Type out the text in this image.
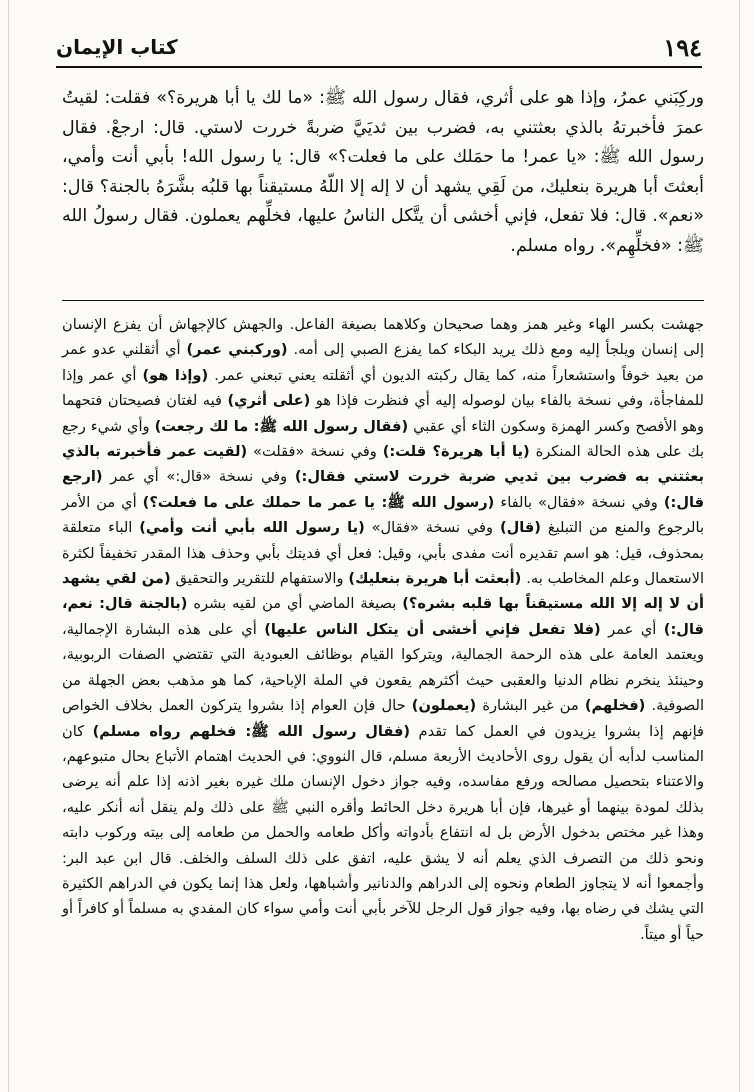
١٩٤
كتاب الإيمان

وركِبَني عمرُ، وإذا هو على أثري، فقال رسول الله ﷺ: «ما لك يا أبا هريرة؟» فقلت: لقيتُ عمرَ فأخبرتهُ بالذي بعثتني به، فضرب بين ثديَيَّ ضربةً خررت لاستي. قال: ارجعْ. فقال رسول الله ﷺ: «يا عمر! ما حمَلك على ما فعلت؟» قال: يا رسول الله! بأبي أنت وأمي، أبعثتَ أبا هريرة بنعليك، من لَقِي يشهد أن لا إله إلا اللّهُ مستيقناً بها قلبُه بشَّرَهُ بالجنة؟ قال: «نعم». قال: فلا تفعل، فإني أخشى أن يتَّكل الناسُ عليها، فخلِّهم يعملون. فقال رسولُ الله ﷺ: «فخلِّهِم». رواه مسلم.

جهشت بكسر الهاء وغير همز وهما صحيحان وكلاهما بصيغة الفاعل. والجهش كالإجهاش أن يفزع الإنسان إلى إنسان ويلجأ إليه ومع ذلك يريد البكاء كما يفزع الصبي إلى أمه. (وركبني عمر) أي أثقلني عدو عمر من بعيد خوفاً واستشعاراً منه، كما يقال ركبته الديون أي أثقلته يعني تبعني عمر. (وإذا هو) أي عمر وإذا للمفاجأة، وفي نسخة بالفاء بيان لوصوله إليه أي فنظرت فإذا هو (على أثري) فيه لغتان فصيحتان فتحهما وهو الأفصح وكسر الهمزة وسكون الثاء أي عقبي (فقال رسول الله ﷺ: ما لك رجعت) وأي شيء رجع بك على هذه الحالة المنكرة (يا أبا هريرة؟ قلت:) وفي نسخة «فقلت» (لقيت عمر فأخبرته بالذي بعثتني به فضرب بين ثديي ضربة خررت لاستي فقال:) وفي نسخة «قال:» أي عمر (ارجع قال:) وفي نسخة «فقال» بالفاء (رسول الله ﷺ: يا عمر ما حملك على ما فعلت؟) أي من الأمر بالرجوع والمنع من التبليغ (قال) وفي نسخة «فقال» (يا رسول الله بأبي أنت وأمي) الباء متعلقة بمحذوف، قيل: هو اسم تقديره أنت مفدى بأبي، وقيل: فعل أي فديتك بأبي وحذف هذا المقدر تخفيفاً لكثرة الاستعمال وعلم المخاطب به. (أبعثت أبا هريرة بنعليك) والاستفهام للتقرير والتحقيق (من لقي يشهد أن لا إله إلا الله مستيقناً بها قلبه بشره؟) بصيغة الماضي أي من لقيه بشره (بالجنة قال: نعم، قال:) أي عمر (فلا تفعل فإني أخشى أن يتكل الناس عليها) أي على هذه البشارة الإجمالية، ويعتمد العامة على هذه الرحمة الجمالية، ويتركوا القيام بوظائف العبودية التي تقتضي الصفات الربوبية، وحينئذ ينخرم نظام الدنيا والعقبى حيث أكثرهم يقعون في الملة الإباحية، كما هو مذهب بعض الجهلة من الصوفية. (فخلهم) من غير البشارة (يعملون) حال فإن العوام إذا بشروا يتركون العمل بخلاف الخواص فإنهم إذا بشروا يزيدون في العمل كما تقدم (فقال رسول الله ﷺ: فخلهم رواه مسلم) كان المناسب لدأبه أن يقول روى الأحاديث الأربعة مسلم، قال النووي: في الحديث اهتمام الأتباع بحال متبوعهم، والاعتناء بتحصيل مصالحه ورفع مفاسده، وفيه جواز دخول الإنسان ملك غيره بغير اذنه إذا علم أنه يرضى بذلك لمودة بينهما أو غيرها، فإن أبا هريرة دخل الحائط وأقره النبي ﷺ على ذلك ولم ينقل أنه أنكر عليه، وهذا غير مختص بدخول الأرض بل له انتفاع بأدواته وأكل طعامه والحمل من طعامه إلى بيته وركوب دابته ونحو ذلك من التصرف الذي يعلم أنه لا يشق عليه، اتفق على ذلك السلف والخلف. قال ابن عبد البر: وأجمعوا أنه لا يتجاوز الطعام ونحوه إلى الدراهم والدنانير وأشباهها، ولعل هذا إنما يكون في الدراهم الكثيرة التي يشك في رضاه بها، وفيه جواز قول الرجل للآخر بأبي أنت وأمي سواء كان المفدي به مسلماً أو كافراً أو حياً أو ميتاً.
